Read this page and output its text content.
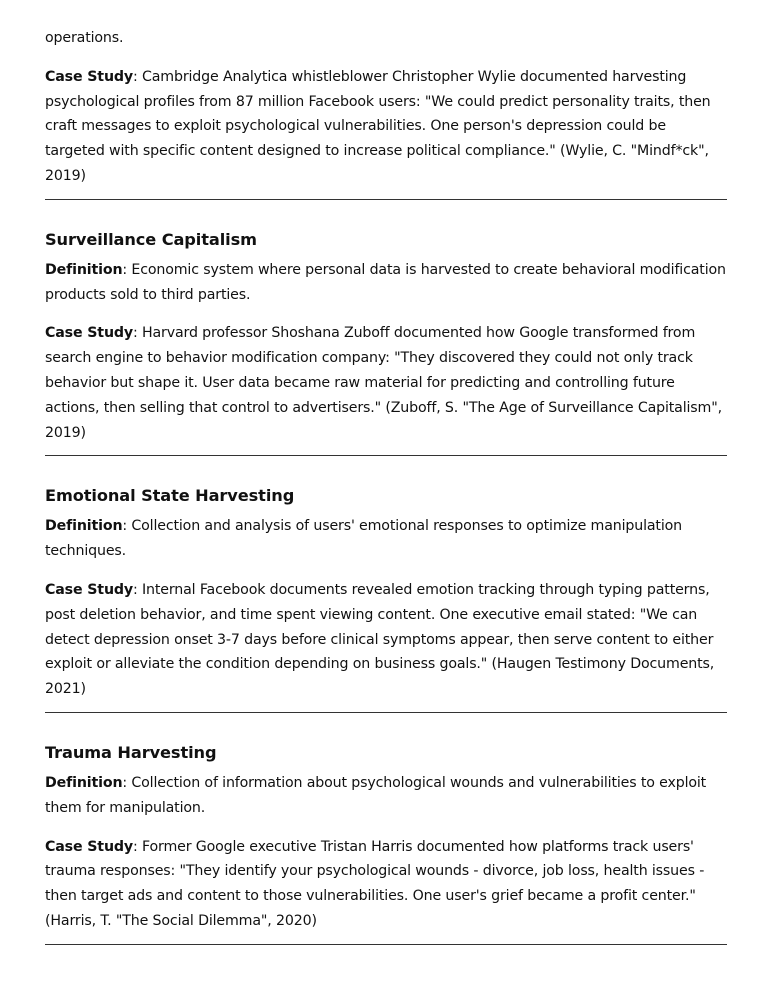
operations.

Case Study: Cambridge Analytica whistleblower Christopher Wylie documented harvesting psychological profiles from 87 million Facebook users: "We could predict personality traits, then craft messages to exploit psychological vulnerabilities. One person's depression could be targeted with specific content designed to increase political compliance." (Wylie, C. "Mindf*ck", 2019)

Surveillance Capitalism

Definition: Economic system where personal data is harvested to create behavioral modification products sold to third parties.

Case Study: Harvard professor Shoshana Zuboff documented how Google transformed from search engine to behavior modification company: "They discovered they could not only track behavior but shape it. User data became raw material for predicting and controlling future actions, then selling that control to advertisers." (Zuboff, S. "The Age of Surveillance Capitalism", 2019)

Emotional State Harvesting

Definition: Collection and analysis of users' emotional responses to optimize manipulation techniques.

Case Study: Internal Facebook documents revealed emotion tracking through typing patterns, post deletion behavior, and time spent viewing content. One executive email stated: "We can detect depression onset 3-7 days before clinical symptoms appear, then serve content to either exploit or alleviate the condition depending on business goals." (Haugen Testimony Documents, 2021)

Trauma Harvesting

Definition: Collection of information about psychological wounds and vulnerabilities to exploit them for manipulation.

Case Study: Former Google executive Tristan Harris documented how platforms track users' trauma responses: "They identify your psychological wounds - divorce, job loss, health issues - then target ads and content to those vulnerabilities. One user's grief became a profit center." (Harris, T. "The Social Dilemma", 2020)
